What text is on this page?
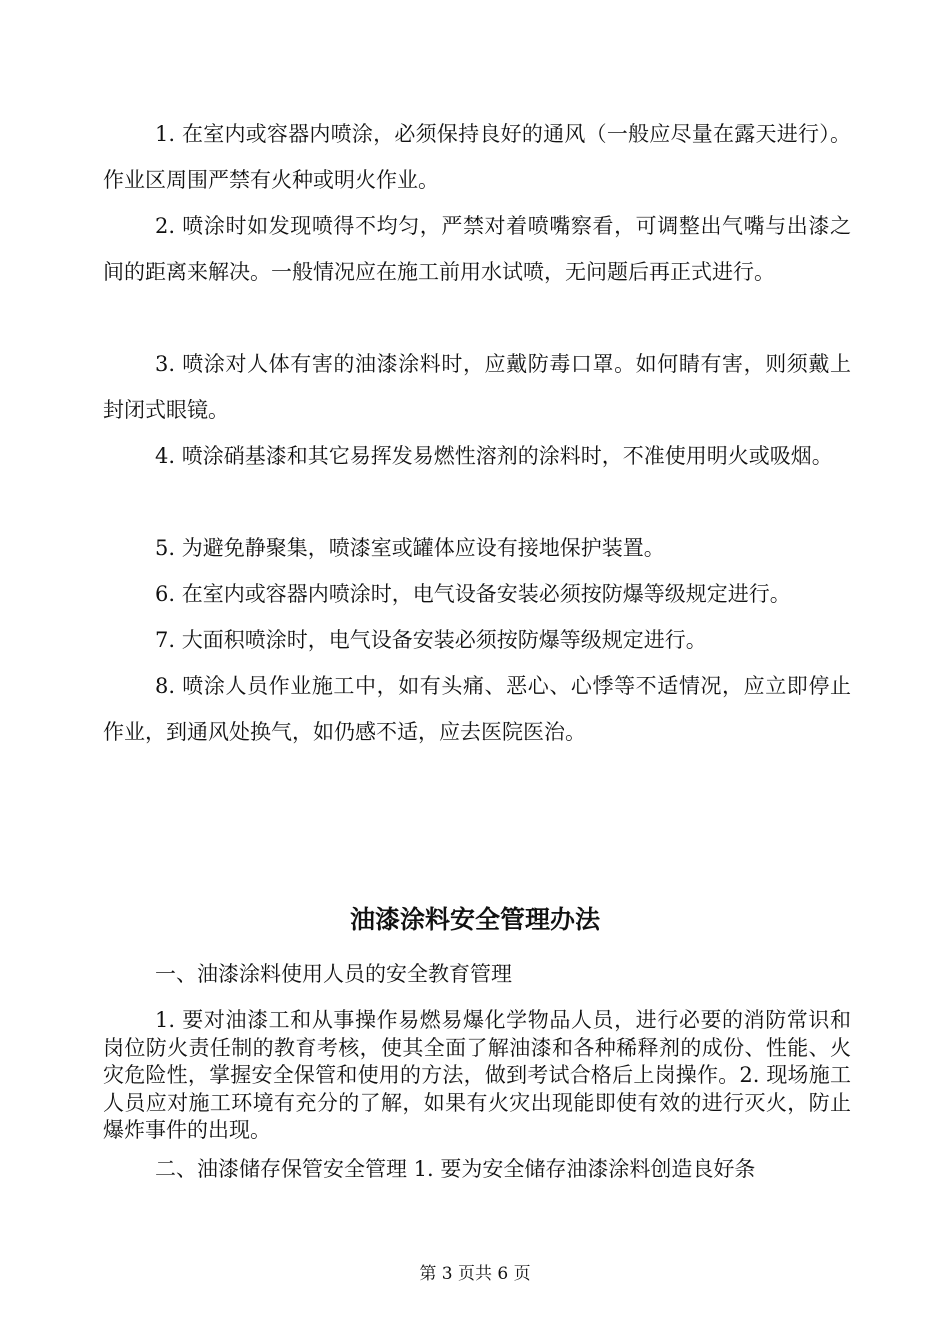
1. 在室内或容器内喷涂，必须保持良好的通风（一般应尽量在露天进行）。作业区周围严禁有火种或明火作业。

2. 喷涂时如发现喷得不均匀，严禁对着喷嘴察看，可调整出气嘴与出漆之间的距离来解决。一般情况应在施工前用水试喷，无问题后再正式进行。

3. 喷涂对人体有害的油漆涂料时，应戴防毒口罩。如何睛有害，则须戴上封闭式眼镜。

4. 喷涂硝基漆和其它易挥发易燃性溶剂的涂料时，不准使用明火或吸烟。

5. 为避免静聚集，喷漆室或罐体应设有接地保护装置。

6. 在室内或容器内喷涂时，电气设备安装必须按防爆等级规定进行。

7. 大面积喷涂时，电气设备安装必须按防爆等级规定进行。

8. 喷涂人员作业施工中，如有头痛、恶心、心悸等不适情况，应立即停止作业，到通风处换气，如仍感不适，应去医院医治。

油漆涂料安全管理办法

一、油漆涂料使用人员的安全教育管理

1. 要对油漆工和从事操作易燃易爆化学物品人员，进行必要的消防常识和岗位防火责任制的教育考核，使其全面了解油漆和各种稀释剂的成份、性能、火灾危险性，掌握安全保管和使用的方法，做到考试合格后上岗操作。2. 现场施工人员应对施工环境有充分的了解，如果有火灾出现能即使有效的进行灭火，防止爆炸事件的出现。

二、油漆储存保管安全管理 1. 要为安全储存油漆涂料创造良好条

第 3 页共 6 页
